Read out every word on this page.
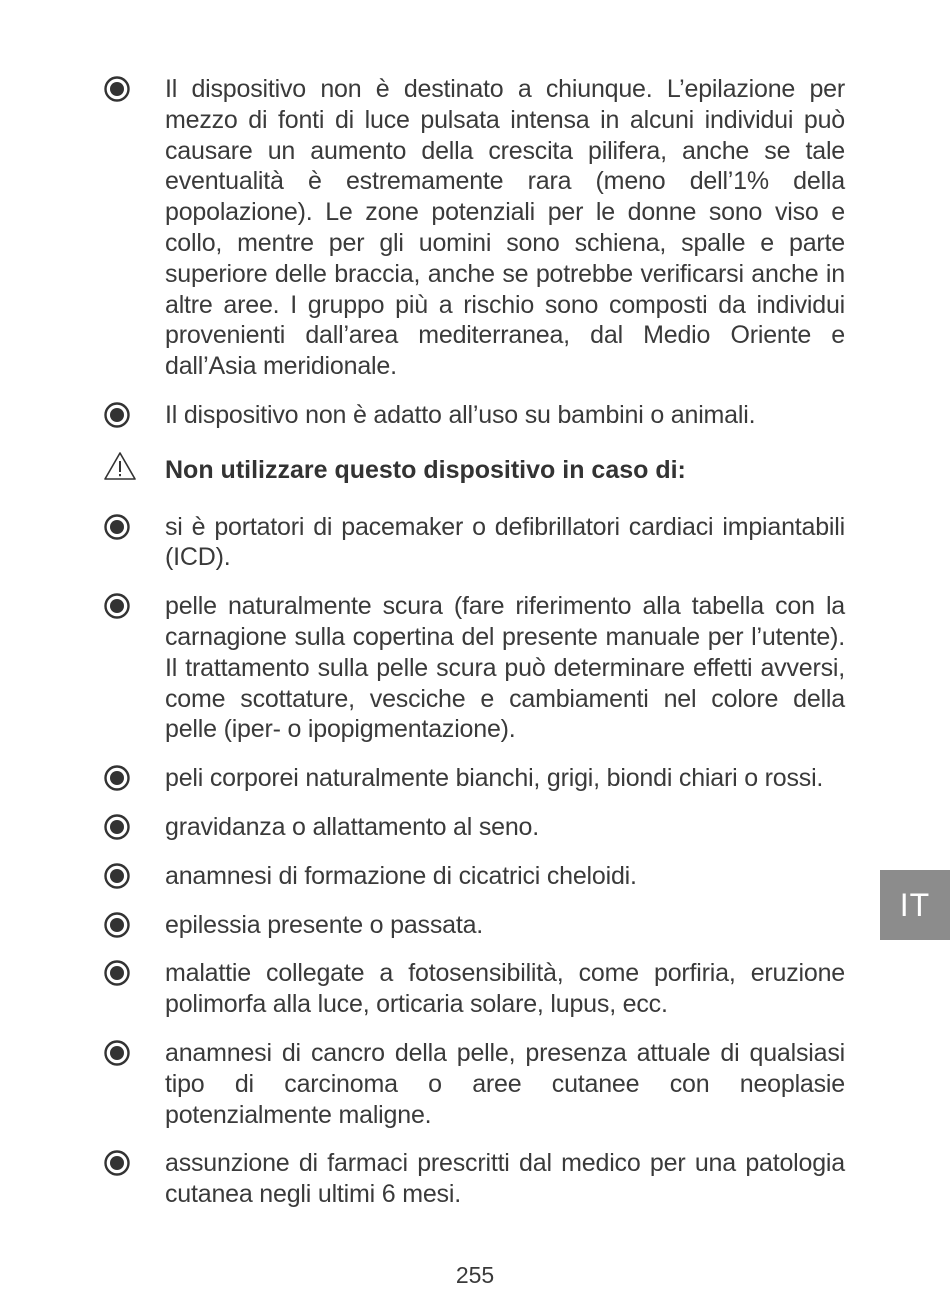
Il dispositivo non è destinato a chiunque. L’epilazione per mezzo di fonti di luce pulsata intensa in alcuni individui può causare un aumento della crescita pilifera, anche se tale eventualità è estremamente rara (meno dell’1% della popolazione). Le zone potenziali per le donne sono viso e collo, mentre per gli uomini sono schiena, spalle e parte superiore delle braccia, anche se potrebbe verificarsi anche in altre aree. I gruppo più a rischio sono composti da individui provenienti dall’area mediterranea, dal Medio Oriente e dall’Asia meridionale.
Il dispositivo non è adatto all’uso su bambini o animali.
Non utilizzare questo dispositivo in caso di:
si è portatori di pacemaker o defibrillatori cardiaci impiantabili (ICD).
pelle naturalmente scura (fare riferimento alla tabella con la carnagione sulla copertina del presente manuale per l’utente). Il trattamento sulla pelle scura può determinare effetti avversi, come scottature, vesciche e cambiamenti nel colore della pelle (iper- o ipopigmentazione).
peli corporei naturalmente bianchi, grigi, biondi chiari o rossi.
gravidanza o allattamento al seno.
anamnesi di formazione di cicatrici cheloidi.
epilessia presente o passata.
malattie collegate a fotosensibilità, come porfiria, eruzione polimorfa alla luce, orticaria solare, lupus, ecc.
anamnesi di cancro della pelle, presenza attuale di qualsiasi tipo di carcinoma o aree cutanee con neoplasie potenzialmente maligne.
assunzione di farmaci prescritti dal medico per una patologia cutanea negli ultimi 6 mesi.
IT
255
